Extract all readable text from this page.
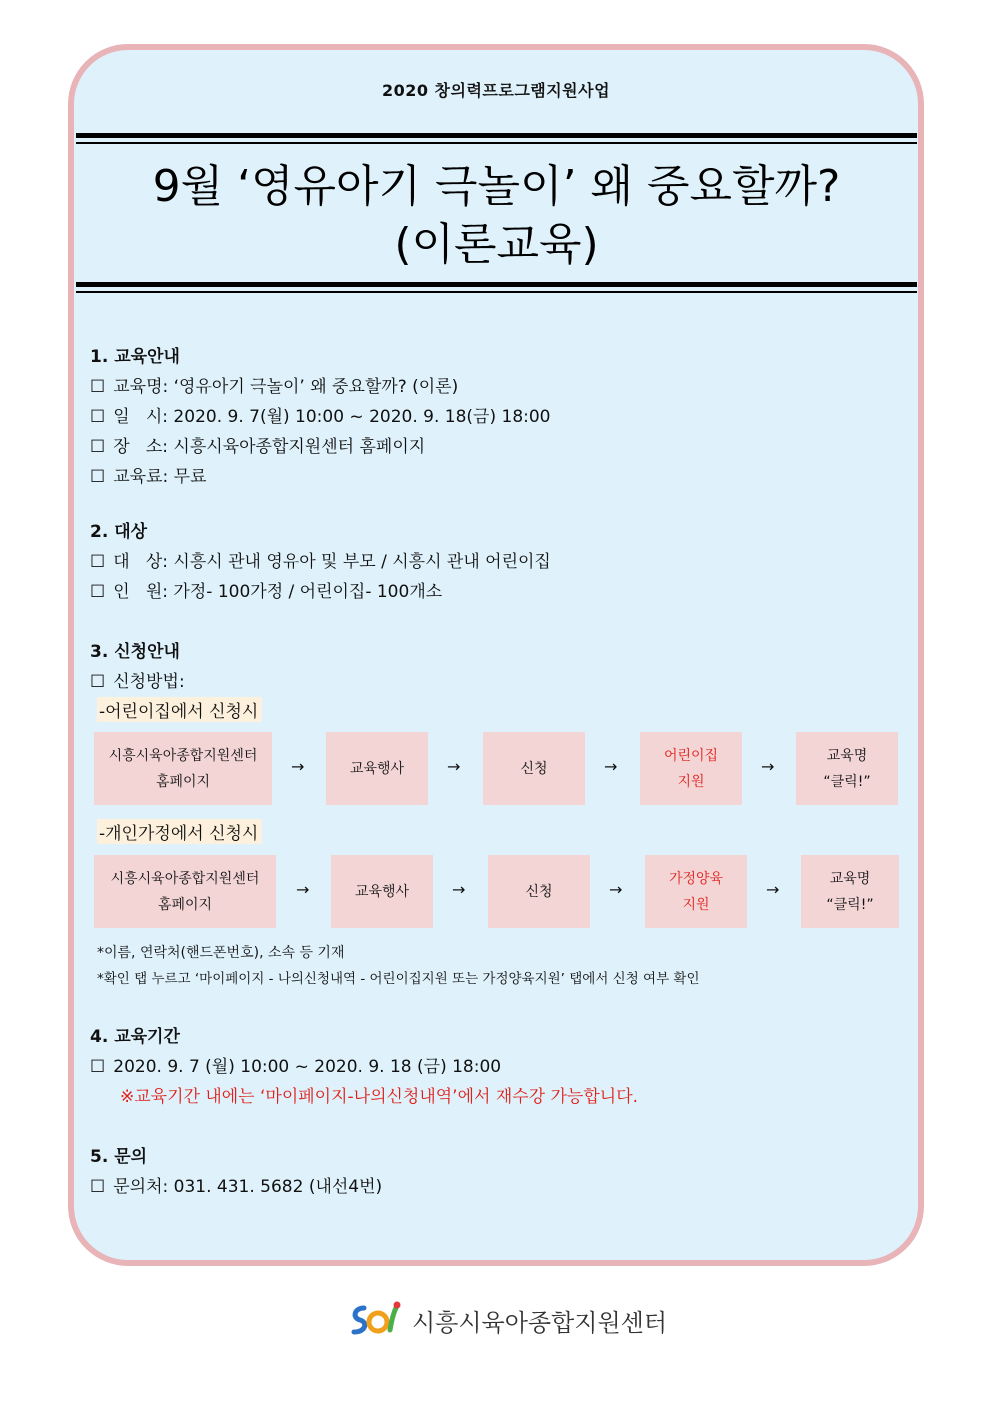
2020 창의력프로그램지원사업
9월 ‘영유아기 극놀이’ 왜 중요할까?
(이론교육)
1. 교육안내
☐ 교육명: ‘영유아기 극놀이’ 왜 중요할까? (이론)
☐ 일   시: 2020. 9. 7(월) 10:00 ~ 2020. 9. 18(금) 18:00
☐ 장   소: 시흥시육아종합지원센터 홈페이지
☐ 교육료: 무료
2. 대상
☐ 대   상: 시흥시 관내 영유아 및 부모 / 시흥시 관내 어린이집
☐ 인   원: 가정- 100가정 / 어린이집- 100개소
3. 신청안내
☐ 신청방법:
-어린이집에서 신청시
시흥시육아종합지원센터
홈페이지
→	교육행사	→	신청	→
어린이집
지원
→
교육명
“클릭!”
-개인가정에서 신청시
시흥시육아종합지원센터
홈페이지
→	교육행사	→	신청	→
가정양육
지원
→
교육명
“클릭!”
*이름, 연락처(핸드폰번호), 소속 등 기재
*확인 탭 누르고 ‘마이페이지 - 나의신청내역 - 어린이집지원 또는 가정양육지원’ 탭에서 신청 여부 확인
4. 교육기간
☐ 2020. 9. 7 (월) 10:00 ~ 2020. 9. 18 (금) 18:00
※교육기간 내에는 ‘마이페이지-나의신청내역’에서 재수강 가능합니다.
5. 문의
☐ 문의처: 031. 431. 5682 (내선4번)
시흥시육아종합지원센터
